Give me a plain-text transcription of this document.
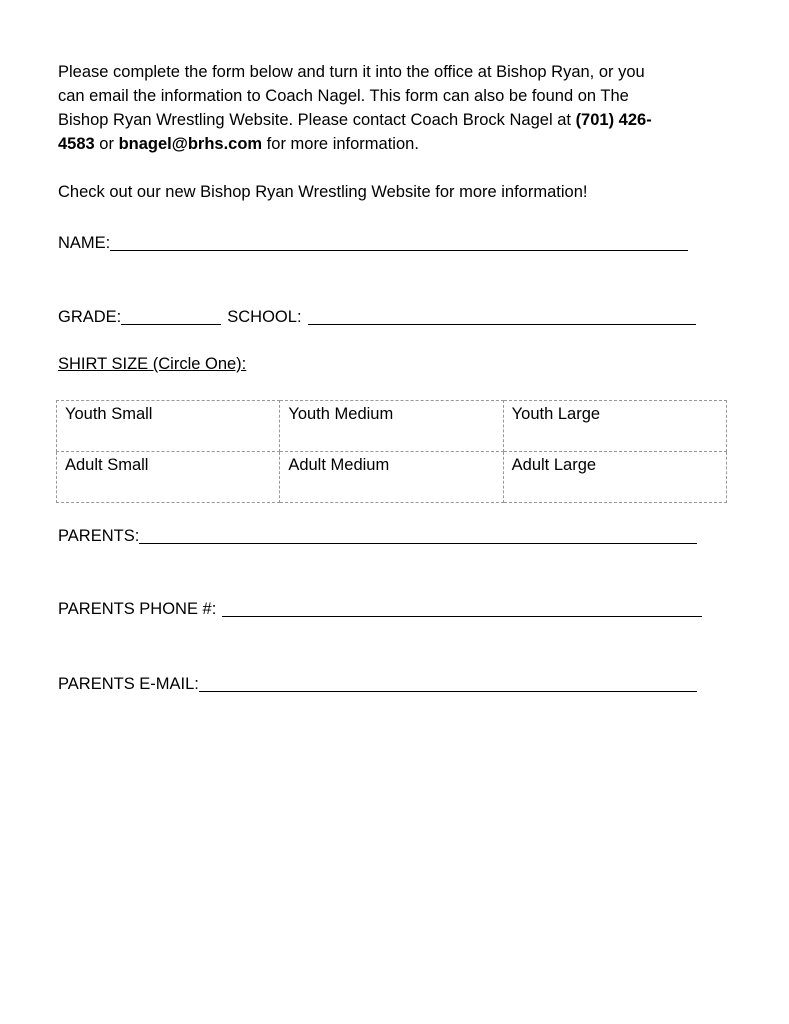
Please complete the form below and turn it into the office at Bishop Ryan, or you
can email the information to Coach Nagel. This form can also be found on The
Bishop Ryan Wrestling Website. Please contact Coach Brock Nagel at (701) 426-
4583 or bnagel@brhs.com for more information.
Check out our new Bishop Ryan Wrestling Website for more information!
NAME:
GRADE:	SCHOOL:
SHIRT SIZE (Circle One):
Youth Small	Youth Medium	Youth Large
Adult Small	Adult Medium	Adult Large
PARENTS:
PARENTS PHONE #:
PARENTS E-MAIL:
